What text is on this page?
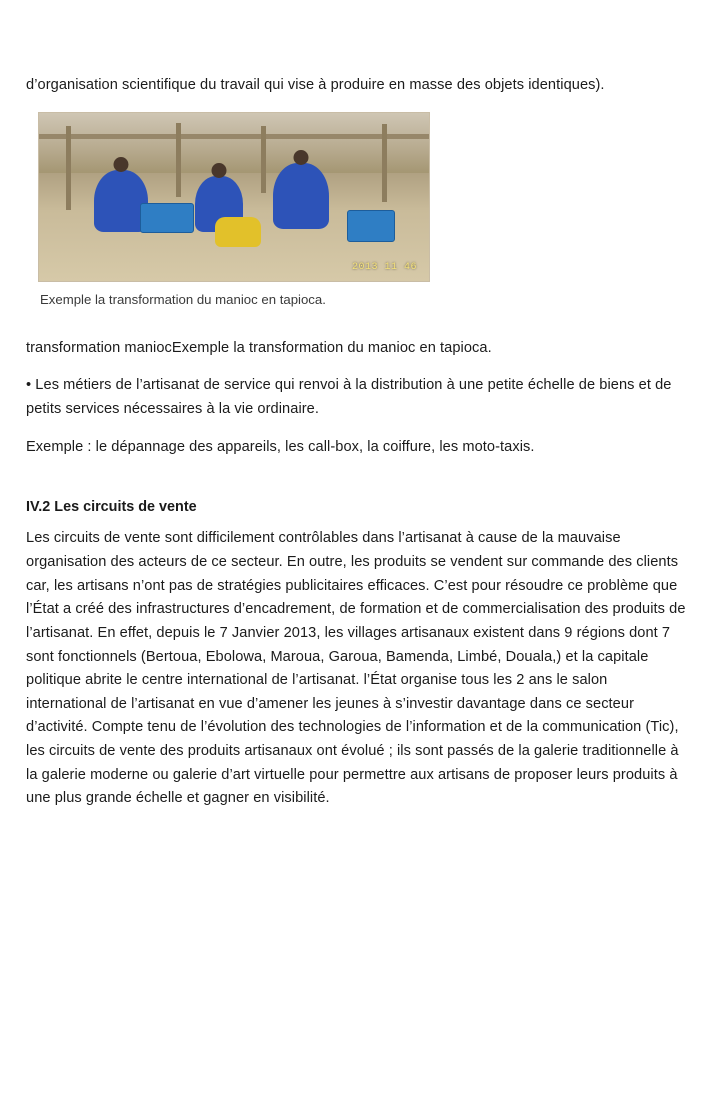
d’organisation scientifique du travail qui vise à produire en masse des objets identiques).

2013 11 46
Exemple la transformation du manioc en tapioca.

transformation maniocExemple la transformation du manioc en tapioca.

• Les métiers de l’artisanat de service qui renvoi à la distribution à une petite échelle de biens et de petits services nécessaires à la vie ordinaire.

Exemple : le dépannage des appareils, les call-box, la coiffure, les moto-taxis.

IV.2 Les circuits de vente

Les circuits de vente sont difficilement contrôlables dans l’artisanat à cause de la mauvaise organisation des acteurs de ce secteur. En outre, les produits se vendent sur commande des clients car, les artisans n’ont pas de stratégies publicitaires efficaces. C’est pour résoudre ce problème que l’État a créé des infrastructures d’encadrement, de formation et de commercialisation des produits de l’artisanat. En effet, depuis le 7 Janvier 2013, les villages artisanaux existent dans 9 régions dont 7 sont fonctionnels (Bertoua, Ebolowa, Maroua, Garoua, Bamenda, Limbé, Douala,) et la capitale politique abrite le centre international de l’artisanat. l’État organise tous les 2 ans le salon international de l’artisanat en vue d’amener les jeunes à s’investir davantage dans ce secteur d’activité. Compte tenu de l’évolution des technologies de l’information et de la communication (Tic), les circuits de vente des produits artisanaux ont évolué ; ils sont passés de la galerie traditionnelle à la galerie moderne ou galerie d’art virtuelle pour permettre aux artisans de proposer leurs produits à une plus grande échelle et gagner en visibilité.
